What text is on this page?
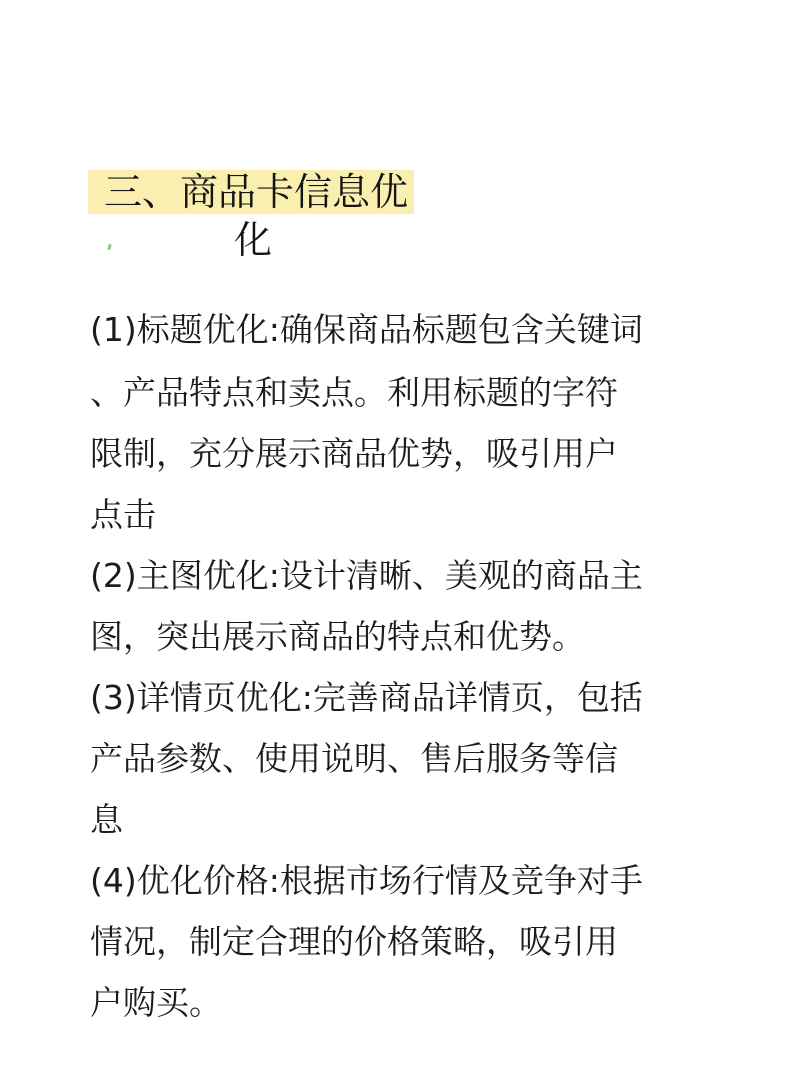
三、商品卡信息优
化
(1)标题优化:确保商品标题包含关键词
、产品特点和卖点。利用标题的字符
限制，充分展示商品优势，吸引用户
点击
(2)主图优化:设计清晰、美观的商品主
图，突出展示商品的特点和优势。
(3)详情页优化:完善商品详情页，包括
产品参数、使用说明、售后服务等信
息
(4)优化价格:根据市场行情及竞争对手
情况，制定合理的价格策略，吸引用
户购买。
